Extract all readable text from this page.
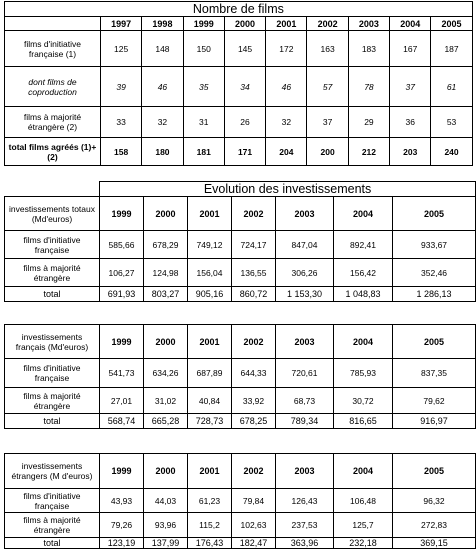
Nombre de films									
	1997	1998	1999	2000	2001	2002	2003	2004	2005
films d'initiative française (1)	125	148	150	145	172	163	183	167	187
dont films de coproduction	39	46	35	34	46	57	78	37	61
films à majorité étrangère (2)	33	32	31	26	32	37	29	36	53
total films agréés (1)+(2)	158	180	181	171	204	200	212	203	240
	Evolution des investissements						
investissements totaux (Md'euros)	1999	2000	2001	2002	2003	2004	2005
films d'initiative française	585,66	678,29	749,12	724,17	847,04	892,41	933,67
films à majorité étrangère	106,27	124,98	156,04	136,55	306,26	156,42	352,46
total	691,93	803,27	905,16	860,72	1 153,30	1 048,83	1 286,13
investissements français (Md'euros)	1999	2000	2001	2002	2003	2004	2005
films d'initiative française	541,73	634,26	687,89	644,33	720,61	785,93	837,35
films à majorité étrangère	27,01	31,02	40,84	33,92	68,73	30,72	79,62
total	568,74	665,28	728,73	678,25	789,34	816,65	916,97
investissements étrangers (M d'euros)	1999	2000	2001	2002	2003	2004	2005
films d'initiative française	43,93	44,03	61,23	79,84	126,43	106,48	96,32
films à majorité étrangère	79,26	93,96	115,2	102,63	237,53	125,7	272,83
total	123,19	137,99	176,43	182,47	363,96	232,18	369,15
